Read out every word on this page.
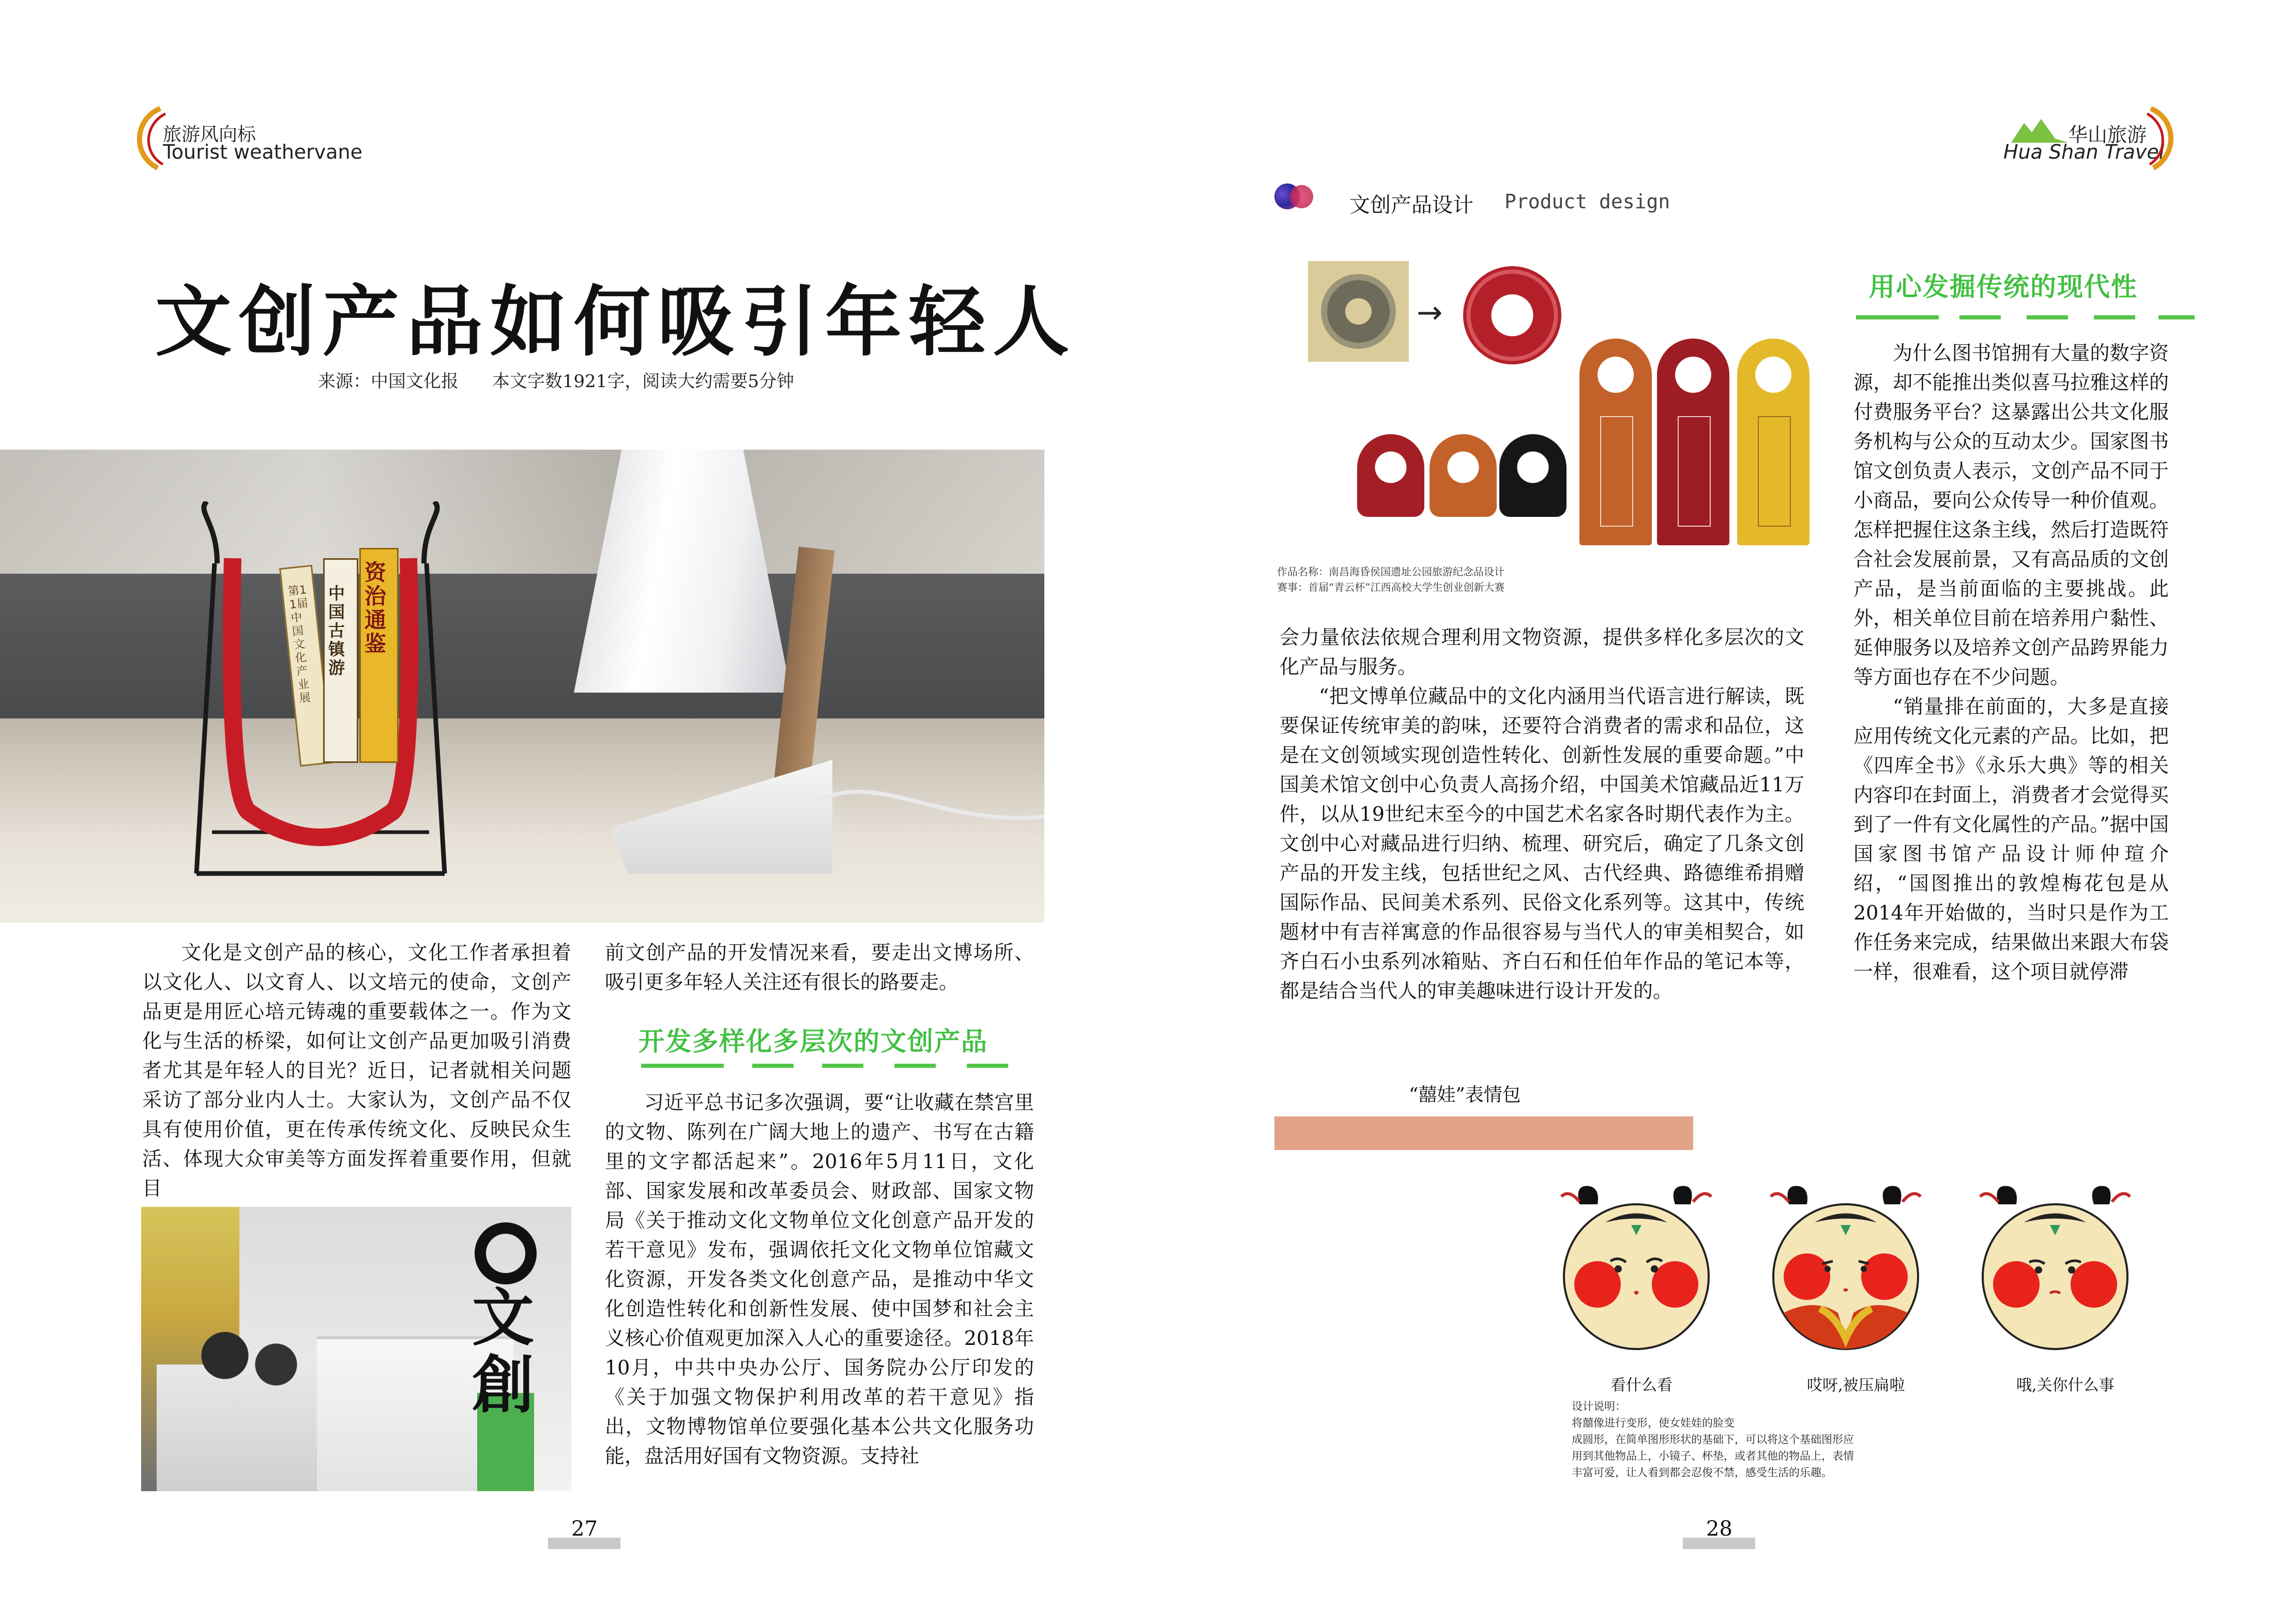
旅游风向标
Tourist weathervane
文创产品如何吸引年轻人
来源：中国文化报      本文字数1921字，阅读大约需要5分钟
资治通鉴
中国古镇游
第11届中国文化产业展

文化是文创产品的核心，文化工作者承担着以文化人、以文育人、以文培元的使命，文创产品更是用匠心培元铸魂的重要载体之一。作为文化与生活的桥梁，如何让文创产品更加吸引消费者尤其是年轻人的目光？近日，记者就相关问题采访了部分业内人士。大家认为，文创产品不仅具有使用价值，更在传承传统文化、反映民众生活、体现大众审美等方面发挥着重要作用，但就目

文創

前文创产品的开发情况来看，要走出文博场所、吸引更多年轻人关注还有很长的路要走。

开发多样化多层次的文创产品

习近平总书记多次强调，要“让收藏在禁宫里的文物、陈列在广阔大地上的遗产、书写在古籍里的文字都活起来”。2016年5月11日，文化部、国家发展和改革委员会、财政部、国家文物局《关于推动文化文物单位文化创意产品开发的若干意见》发布，强调依托文化文物单位馆藏文化资源，开发各类文化创意产品，是推动中华文化创造性转化和创新性发展、使中国梦和社会主义核心价值观更加深入人心的重要途径。2018年10月，中共中央办公厅、国务院办公厅印发的《关于加强文物保护利用改革的若干意见》指出，文物博物馆单位要强化基本公共文化服务功能，盘活用好国有文物资源。支持社

27
华山旅游
Hua Shan Travel
文创产品设计 Product design
→
作品名称：南昌海昏侯国遗址公园旅游纪念品设计
赛事：首届“青云杯”江西高校大学生创业创新大赛

会力量依法依规合理利用文物资源，提供多样化多层次的文化产品与服务。

“把文博单位藏品中的文化内涵用当代语言进行解读，既要保证传统审美的韵味，还要符合消费者的需求和品位，这是在文创领域实现创造性转化、创新性发展的重要命题。”中国美术馆文创中心负责人高扬介绍，中国美术馆藏品近11万件，以从19世纪末至今的中国艺术名家各时期代表作为主。文创中心对藏品进行归纳、梳理、研究后，确定了几条文创产品的开发主线，包括世纪之风、古代经典、路德维希捐赠国际作品、民间美术系列、民俗文化系列等。这其中，传统题材中有吉祥寓意的作品很容易与当代人的审美相契合，如齐白石小虫系列冰箱贴、齐白石和任伯年作品的笔记本等，都是结合当代人的审美趣味进行设计开发的。

用心发掘传统的现代性

为什么图书馆拥有大量的数字资源，却不能推出类似喜马拉雅这样的付费服务平台？这暴露出公共文化服务机构与公众的互动太少。国家图书馆文创负责人表示，文创产品不同于小商品，要向公众传导一种价值观。怎样把握住这条主线，然后打造既符合社会发展前景，又有高品质的文创产品，是当前面临的主要挑战。此外，相关单位目前在培养用户黏性、延伸服务以及培养文创产品跨界能力等方面也存在不少问题。

“销量排在前面的，大多是直接应用传统文化元素的产品。比如，把《四库全书》《永乐大典》等的相关内容印在封面上，消费者才会觉得买到了一件有文化属性的产品。”据中国国家图书馆产品设计师仲瑄介绍，“国图推出的敦煌梅花包是从2014年开始做的，当时只是作为工作任务来完成，结果做出来跟大布袋一样，很难看，这个项目就停滞

“囍娃”表情包
看什么看	哎呀,被压扁啦	哦,关你什么事
设计说明：
将囍像进行变形，使女娃娃的脸变
成圆形，在简单图形形状的基础下，可以将这个基础图形应
用到其他物品上，小镜子、杯垫，或者其他的物品上，表情
丰富可爱，让人看到都会忍俊不禁，感受生活的乐趣。
28
